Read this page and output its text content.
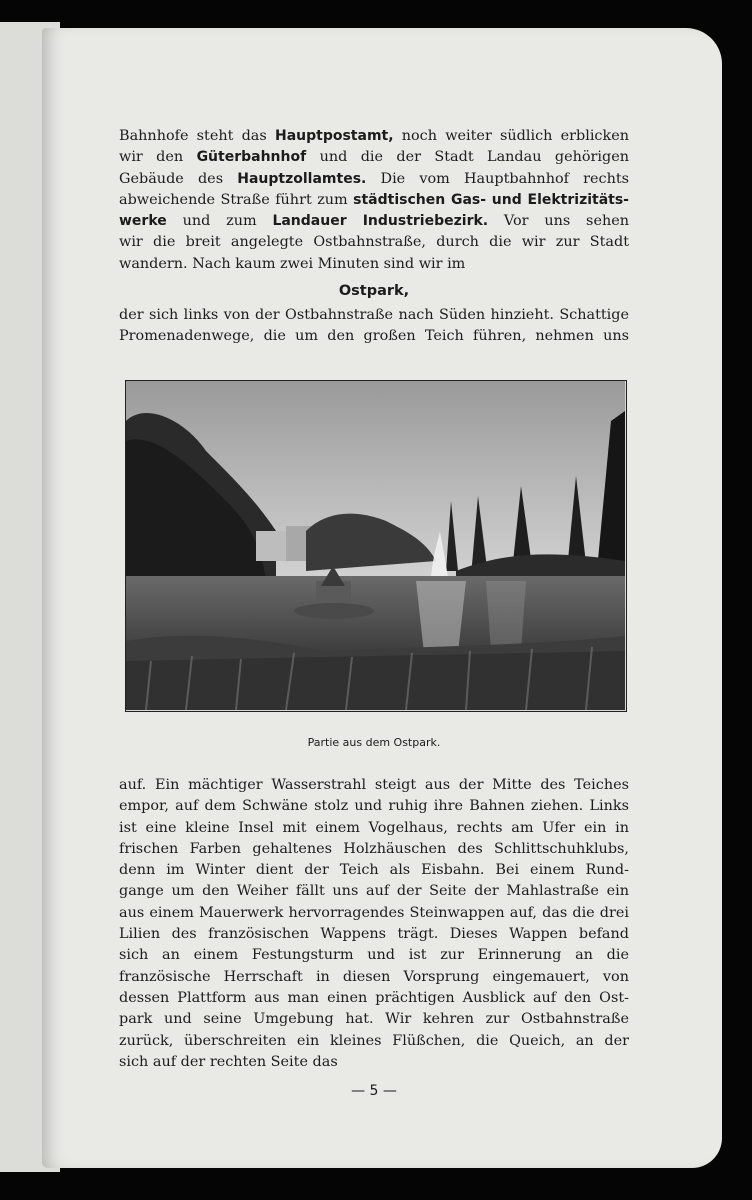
Bahnhofe steht das Hauptpostamt, noch weiter südlich erblicken

wir den Güterbahnhof und die der Stadt Landau gehörigen

Gebäude des Hauptzollamtes. Die vom Hauptbahnhof rechts

abweichende Straße führt zum städtischen Gas- und Elektrizitäts-

werke und zum Landauer Industriebezirk. Vor uns sehen

wir die breit angelegte Ostbahnstraße, durch die wir zur Stadt

wandern. Nach kaum zwei Minuten sind wir im

Ostpark,

der sich links von der Ostbahnstraße nach Süden hinzieht. Schattige

Promenadenwege, die um den großen Teich führen, nehmen uns

Partie aus dem Ostpark.

auf. Ein mächtiger Wasserstrahl steigt aus der Mitte des Teiches

empor, auf dem Schwäne stolz und ruhig ihre Bahnen ziehen. Links

ist eine kleine Insel mit einem Vogelhaus, rechts am Ufer ein in

frischen Farben gehaltenes Holzhäuschen des Schlittschuhklubs,

denn im Winter dient der Teich als Eisbahn. Bei einem Rund-

gange um den Weiher fällt uns auf der Seite der Mahlastraße ein

aus einem Mauerwerk hervorragendes Steinwappen auf, das die drei

Lilien des französischen Wappens trägt. Dieses Wappen befand

sich an einem Festungsturm und ist zur Erinnerung an die

französische Herrschaft in diesen Vorsprung eingemauert, von

dessen Plattform aus man einen prächtigen Ausblick auf den Ost-

park und seine Umgebung hat. Wir kehren zur Ostbahnstraße

zurück, überschreiten ein kleines Flüßchen, die Queich, an der

sich auf der rechten Seite das

— 5 —
